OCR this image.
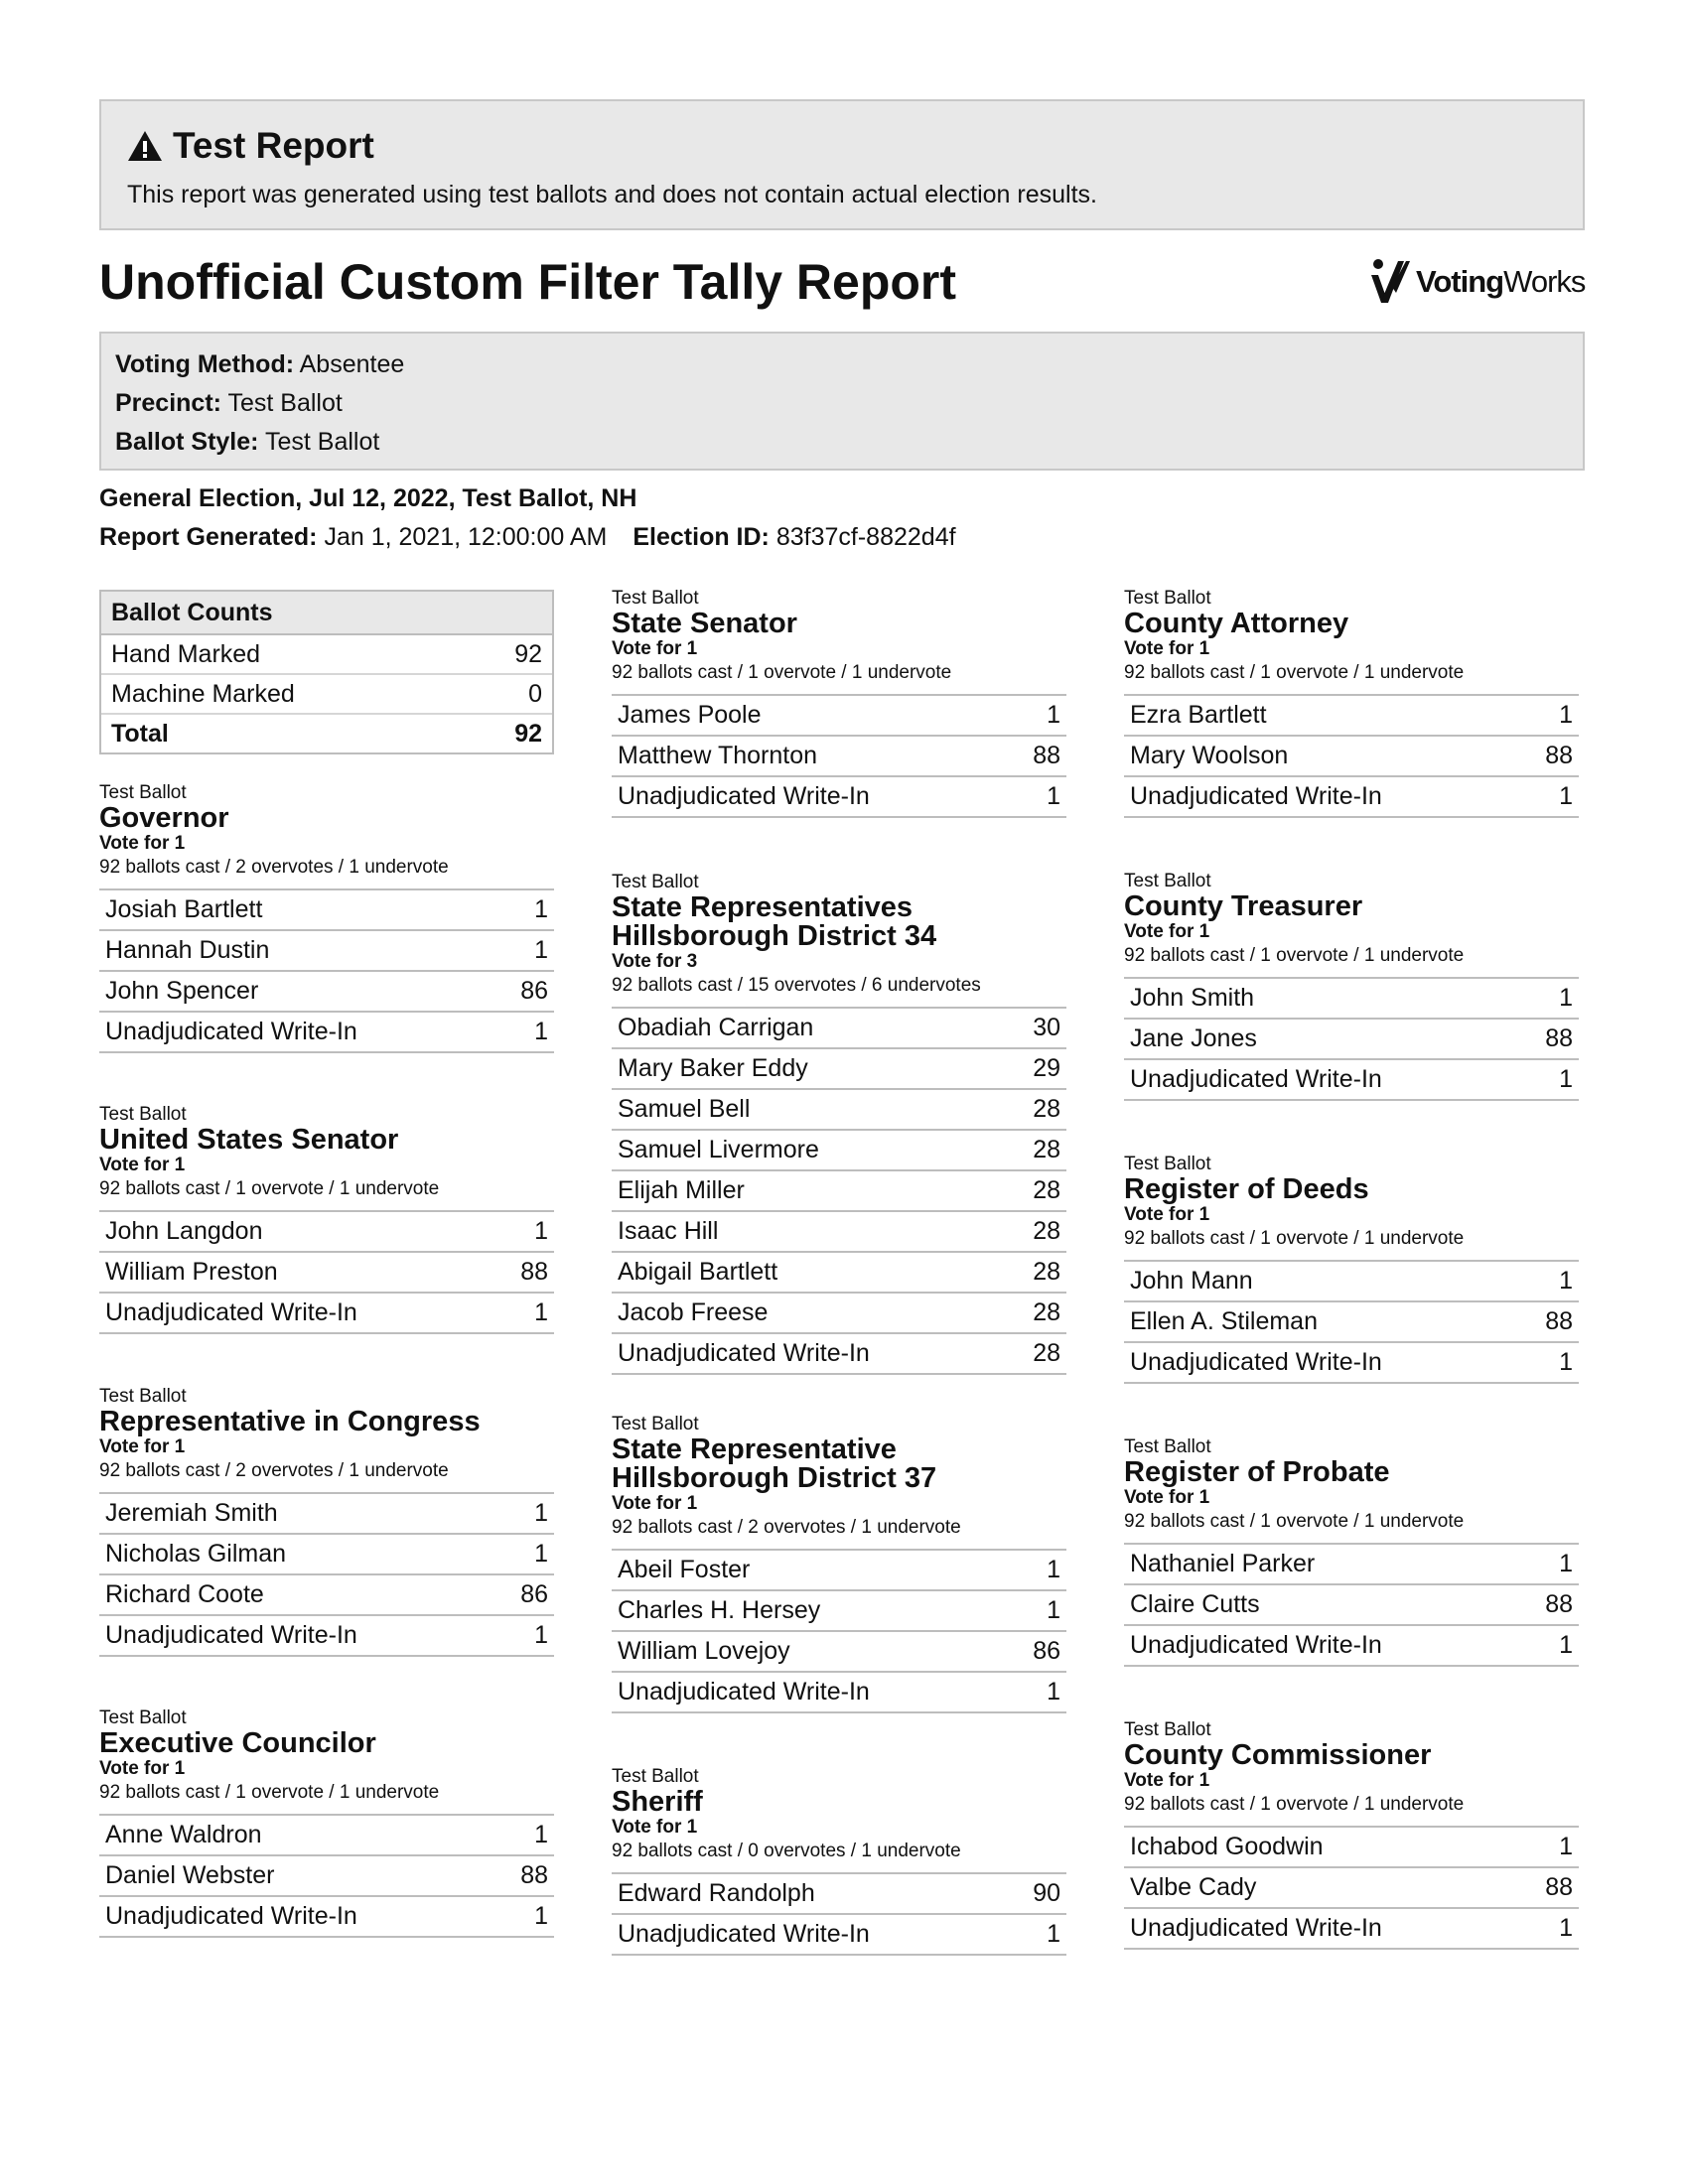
Test Report
This report was generated using test ballots and does not contain actual election results.
Unofficial Custom Filter Tally Report	VotingWorks
Voting Method: Absentee
Precinct: Test Ballot
Ballot Style: Test Ballot
General Election, Jul 12, 2022, Test Ballot, NH
Report Generated: Jan 1, 2021, 12:00:00 AM Election ID: 83f37cf-8822d4f
Ballot Counts
Hand Marked	92
Machine Marked	0
Total	92
Test Ballot
Governor
Vote for 1
92 ballots cast / 2 overvotes / 1 undervote
Josiah Bartlett	1
Hannah Dustin	1
John Spencer	86
Unadjudicated Write-In	1
Test Ballot
United States Senator
Vote for 1
92 ballots cast / 1 overvote / 1 undervote
John Langdon	1
William Preston	88
Unadjudicated Write-In	1
Test Ballot
Representative in Congress
Vote for 1
92 ballots cast / 2 overvotes / 1 undervote
Jeremiah Smith	1
Nicholas Gilman	1
Richard Coote	86
Unadjudicated Write-In	1
Test Ballot
Executive Councilor
Vote for 1
92 ballots cast / 1 overvote / 1 undervote
Anne Waldron	1
Daniel Webster	88
Unadjudicated Write-In	1
Test Ballot
State Senator
Vote for 1
92 ballots cast / 1 overvote / 1 undervote
James Poole	1
Matthew Thornton	88
Unadjudicated Write-In	1
Test Ballot
State Representatives Hillsborough District 34
Vote for 3
92 ballots cast / 15 overvotes / 6 undervotes
Obadiah Carrigan	30
Mary Baker Eddy	29
Samuel Bell	28
Samuel Livermore	28
Elijah Miller	28
Isaac Hill	28
Abigail Bartlett	28
Jacob Freese	28
Unadjudicated Write-In	28
Test Ballot
State Representative Hillsborough District 37
Vote for 1
92 ballots cast / 2 overvotes / 1 undervote
Abeil Foster	1
Charles H. Hersey	1
William Lovejoy	86
Unadjudicated Write-In	1
Test Ballot
Sheriff
Vote for 1
92 ballots cast / 0 overvotes / 1 undervote
Edward Randolph	90
Unadjudicated Write-In	1
Test Ballot
County Attorney
Vote for 1
92 ballots cast / 1 overvote / 1 undervote
Ezra Bartlett	1
Mary Woolson	88
Unadjudicated Write-In	1
Test Ballot
County Treasurer
Vote for 1
92 ballots cast / 1 overvote / 1 undervote
John Smith	1
Jane Jones	88
Unadjudicated Write-In	1
Test Ballot
Register of Deeds
Vote for 1
92 ballots cast / 1 overvote / 1 undervote
John Mann	1
Ellen A. Stileman	88
Unadjudicated Write-In	1
Test Ballot
Register of Probate
Vote for 1
92 ballots cast / 1 overvote / 1 undervote
Nathaniel Parker	1
Claire Cutts	88
Unadjudicated Write-In	1
Test Ballot
County Commissioner
Vote for 1
92 ballots cast / 1 overvote / 1 undervote
Ichabod Goodwin	1
Valbe Cady	88
Unadjudicated Write-In	1
